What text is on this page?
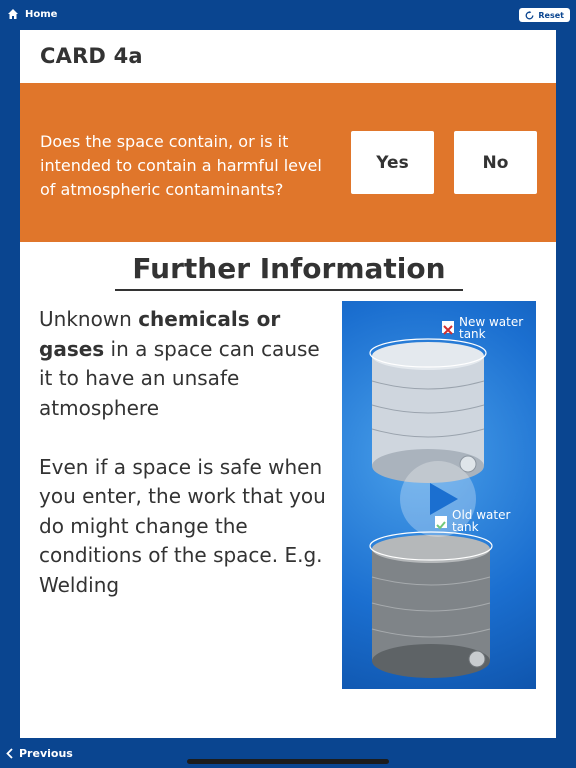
Home	Reset
CARD 4a
Does the space contain, or is it intended to contain a harmful level of atmospheric contaminants?
Yes	No
Further Information

Unknown chemicals or gases in a space can cause it to have an unsafe atmosphere

Even if a space is safe when you enter, the work that you do might change the conditions of the space. E.g. Welding

New water tank
Old water tank
Previous
